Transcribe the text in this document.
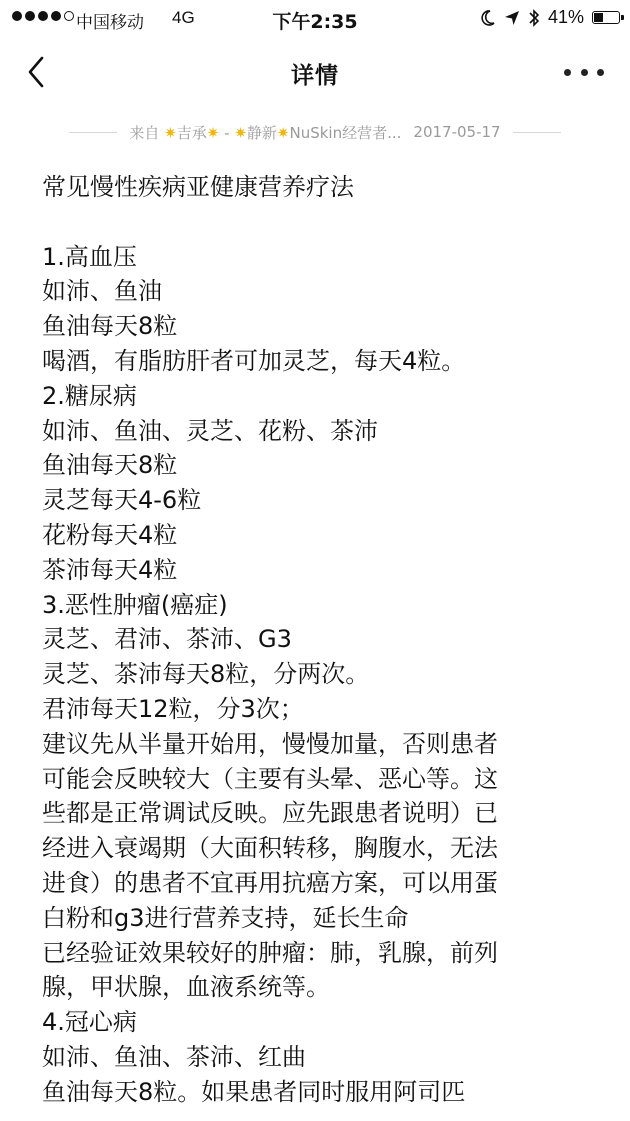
中国移动 4G	下午2:35	41%
详情
来自 ✷吉承✷ - ✷静新✷NuSkin经营者... 2017-05-17
常见慢性疾病亚健康营养疗法
1.高血压
如沛、鱼油
鱼油每天8粒
喝酒，有脂肪肝者可加灵芝，每天4粒。
2.糖尿病
如沛、鱼油、灵芝、花粉、茶沛
鱼油每天8粒
灵芝每天4-6粒
花粉每天4粒
茶沛每天4粒
3.恶性肿瘤(癌症)
灵芝、君沛、茶沛、G3
灵芝、茶沛每天8粒，分两次。
君沛每天12粒，分3次；
建议先从半量开始用，慢慢加量，否则患者
可能会反映较大（主要有头晕、恶心等。这
些都是正常调试反映。应先跟患者说明）已
经进入衰竭期（大面积转移，胸腹水，无法
进食）的患者不宜再用抗癌方案，可以用蛋
白粉和g3进行营养支持，延长生命
已经验证效果较好的肿瘤：肺，乳腺，前列
腺，甲状腺，血液系统等。
4.冠心病
如沛、鱼油、茶沛、红曲
鱼油每天8粒。如果患者同时服用阿司匹
